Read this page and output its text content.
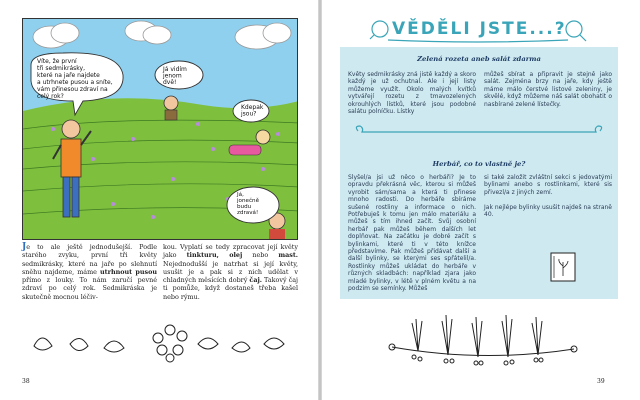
Víte, že první
tři sedmikrásky,
které na jaře najdete
a utrhnete pusou a sníte,
vám přinesou zdraví na
celý rok?
Já vidím
jenom
dvě!
Kdepak
jsou?
Já,
jonečně
budu
zdravá!
Je to ale ještě jednodušejší. Podle starého zvyku, první tři květy sedmikrásky, které na jaře po slehnutí sněhu najdeme, máme utrhnout pusou přímo z louky. To nám zaručí pevné zdraví po celý rok. Sedmikráska je skutečně mocnou léčiv-
kou. Vyplatí se tedy zpracovat její květy jako tinkturu, olej nebo mast. Nejednodušší je natrhat si její květy, usušit je a pak si z nich udělat v chladných měsících dobrý čaj. Takový čaj ti pomůže, když dostaneš třeba kašel nebo rýmu.
38
VĚDĚLI JSTE...?
Zelená rozeta aneb salát zdarma
Květy sedmikrásky zná jistě každý a skoro každý je už ochutnal. Ale i její listy můžeme využít. Okolo malých kvítků vytvářejí rozetu z tmavozelených okrouhlých lístků, které jsou podobné salátu polníčku. Lístky
můžeš sbírat a připravit je stejně jako salát. Zejména brzy na jaře, kdy ještě máme málo čerstvé listové zeleniny, je skvělé, když můžeme náš salát obohatit o nasbírané zelené lístečky.
Herbář, co to vlastně je?
Slyšel/a jsi už něco o herbáři? Je to opravdu překrásná věc, kterou si můžeš vyrobit sám/sama a která ti přinese mnoho radosti. Do herbáře sbíráme sušené rostliny a informace o nich. Potřebuješ k tomu jen málo materiálu a můžeš s tím ihned začít. Svůj osobní herbář pak můžeš během dalších let doplňovat. Na začátku je dobré začít s bylinkami, které ti v této knížce představíme. Pak můžeš přidávat další a další bylinky, se kterými ses spřátelil/a. Rostlinky můžeš ukládat do herbáře v různých skladbách: například zjara jako mladé bylinky, v létě v plném květu a na podzim se semínky. Můžeš
si také založit zvláštní sekci s jedovatými bylinami anebo s rostlinkami, které sis přivezl/a z jiných zemí.

Jak nejlépe bylinky usušit najdeš na straně 40.
39
